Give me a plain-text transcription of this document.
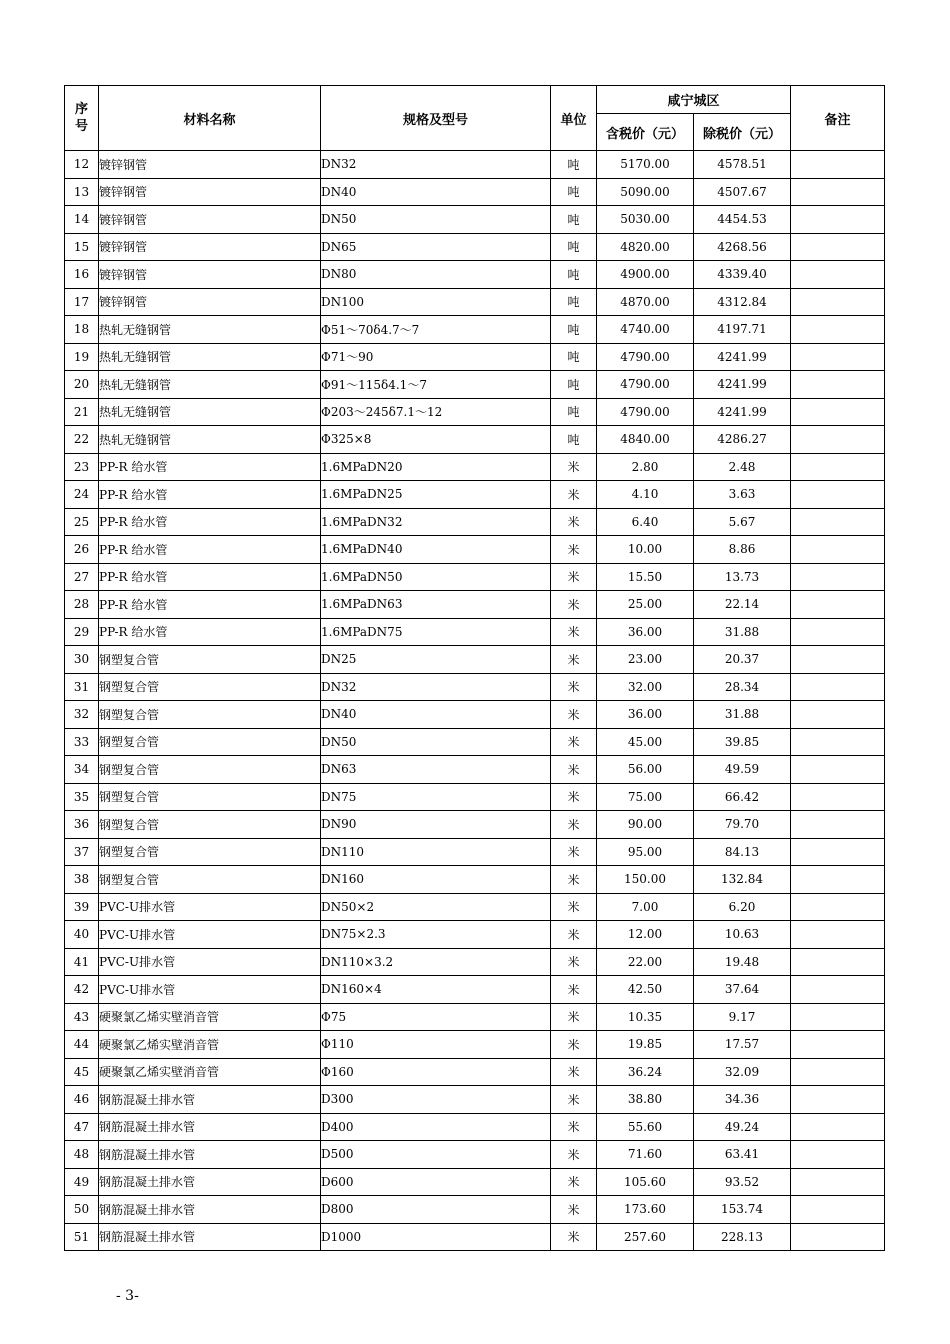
序
号	材料名称	规格及型号	单位	咸宁城区		备注
				含税价（元）	除税价（元）	
12	镀锌钢管	DN32	吨	5170.00	4578.51	
13	镀锌钢管	DN40	吨	5090.00	4507.67	
14	镀锌钢管	DN50	吨	5030.00	4454.53	
15	镀锌钢管	DN65	吨	4820.00	4268.56	
16	镀锌钢管	DN80	吨	4900.00	4339.40	
17	镀锌钢管	DN100	吨	4870.00	4312.84	
18	热轧无缝钢管	Φ51～70δ4.7～7	吨	4740.00	4197.71	
19	热轧无缝钢管	Φ71～90	吨	4790.00	4241.99	
20	热轧无缝钢管	Φ91～115δ4.1～7	吨	4790.00	4241.99	
21	热轧无缝钢管	Φ203～245δ7.1～12	吨	4790.00	4241.99	
22	热轧无缝钢管	Φ325×8	吨	4840.00	4286.27	
23	PP-R 给水管	1.6MPaDN20	米	2.80	2.48	
24	PP-R 给水管	1.6MPaDN25	米	4.10	3.63	
25	PP-R 给水管	1.6MPaDN32	米	6.40	5.67	
26	PP-R 给水管	1.6MPaDN40	米	10.00	8.86	
27	PP-R 给水管	1.6MPaDN50	米	15.50	13.73	
28	PP-R 给水管	1.6MPaDN63	米	25.00	22.14	
29	PP-R 给水管	1.6MPaDN75	米	36.00	31.88	
30	钢塑复合管	DN25	米	23.00	20.37	
31	钢塑复合管	DN32	米	32.00	28.34	
32	钢塑复合管	DN40	米	36.00	31.88	
33	钢塑复合管	DN50	米	45.00	39.85	
34	钢塑复合管	DN63	米	56.00	49.59	
35	钢塑复合管	DN75	米	75.00	66.42	
36	钢塑复合管	DN90	米	90.00	79.70	
37	钢塑复合管	DN110	米	95.00	84.13	
38	钢塑复合管	DN160	米	150.00	132.84	
39	PVC-U排水管	DN50×2	米	7.00	6.20	
40	PVC-U排水管	DN75×2.3	米	12.00	10.63	
41	PVC-U排水管	DN110×3.2	米	22.00	19.48	
42	PVC-U排水管	DN160×4	米	42.50	37.64	
43	硬聚氯乙烯实壁消音管	Φ75	米	10.35	9.17	
44	硬聚氯乙烯实壁消音管	Φ110	米	19.85	17.57	
45	硬聚氯乙烯实壁消音管	Φ160	米	36.24	32.09	
46	钢筋混凝土排水管	D300	米	38.80	34.36	
47	钢筋混凝土排水管	D400	米	55.60	49.24	
48	钢筋混凝土排水管	D500	米	71.60	63.41	
49	钢筋混凝土排水管	D600	米	105.60	93.52	
50	钢筋混凝土排水管	D800	米	173.60	153.74	
51	钢筋混凝土排水管	D1000	米	257.60	228.13	
- 3-
